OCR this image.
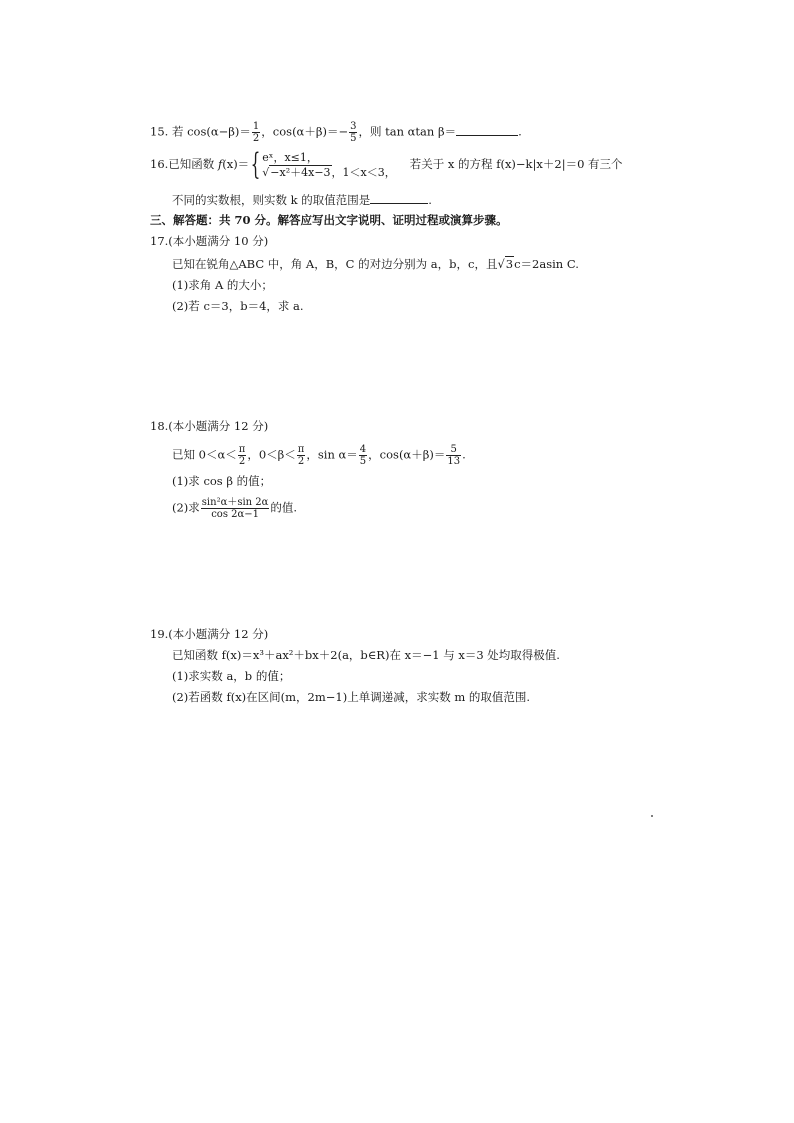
15. 若 $\cos(\alpha-\beta)= \frac{1}{2}$ ，$\cos(\alpha+\beta)=- \frac{3}{5}$ ，则 tan αtan β＝	.
16.已知函数 f(x)＝{ eˣ，x≤1，
√−x²＋4x−3，1＜x＜3，
若关于 x 的方程 f(x)−k|x＋2|＝0 有三个
不同的实数根，则实数 k 的取值范围是	.
三、解答题：共 70 分。解答应写出文字说明、证明过程或演算步骤。
17.(本小题满分 10 分)
已知在锐角△ABC 中，角 A，B，C 的对边分别为 a，b，c，且√3c＝2asin C.
(1)求角 A 的大小；
(2)若 c＝3，b＝4，求 a.
18.(本小题满分 12 分)
已知 $0<\alpha< \frac{\pi}{2}$ ，$0<\beta< \frac{\pi}{2}$ ，$\sin \alpha= \frac{4}{5}$ ，$\cos(\alpha+\beta)= \frac{5}{13}$ .
(1)求 cos β 的值；
(2)求 $\frac{\text{sin²α＋sin 2α}}{\cos 2\alpha-1}$ 的值.
19.(本小题满分 12 分)
已知函数 f(x)＝x³＋ax²＋bx＋2(a，b∈R)在 x＝−1 与 x＝3 处均取得极值.
(1)求实数 a，b 的值；
(2)若函数 f(x)在区间(m，2m−1)上单调递减，求实数 m 的取值范围.
